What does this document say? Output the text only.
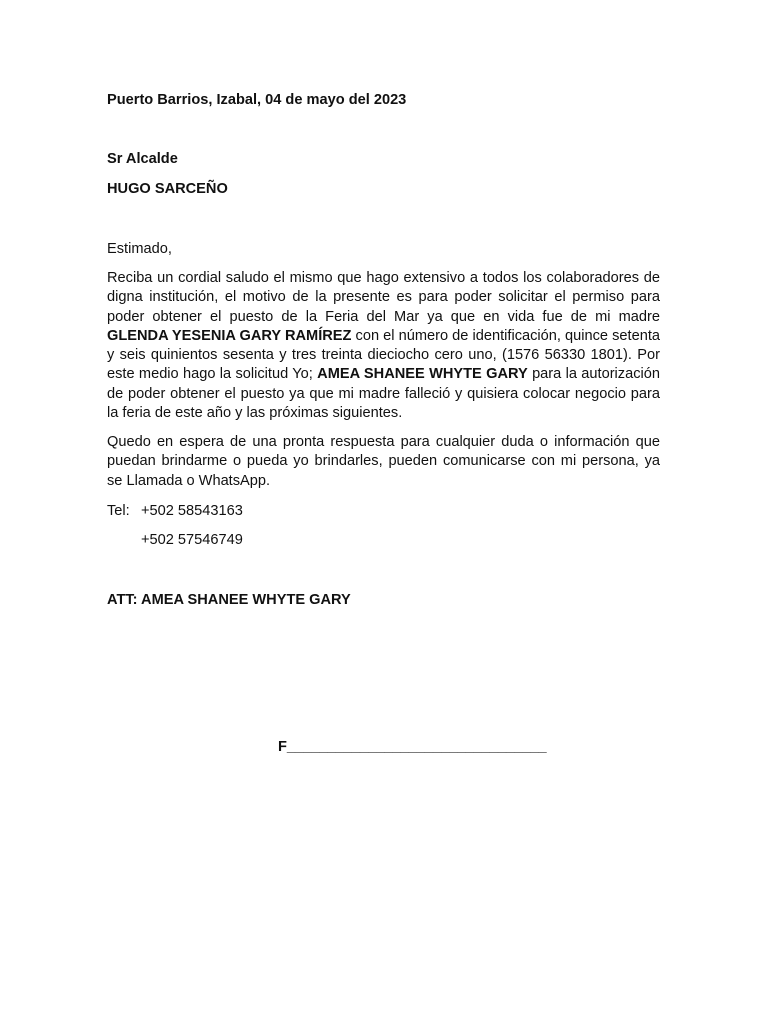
Puerto Barrios, Izabal, 04 de mayo del 2023
Sr Alcalde
HUGO SARCEÑO
Estimado,

Reciba un cordial saludo el mismo que hago extensivo a todos los colaboradores de digna institución, el motivo de la presente es para poder solicitar el permiso para poder obtener el puesto de la Feria del Mar ya que en vida fue de mi madre GLENDA YESENIA GARY RAMÍREZ con el número de identificación, quince setenta y seis quinientos sesenta y tres treinta dieciocho cero uno, (1576 56330 1801). Por este medio hago la solicitud Yo; AMEA SHANEE WHYTE GARY para la autorización de poder obtener el puesto ya que mi madre falleció y quisiera colocar negocio para la feria de este año y las próximas siguientes.

Quedo en espera de una pronta respuesta para cualquier duda o información que puedan brindarme o pueda yo brindarles, pueden comunicarse con mi persona, ya se Llamada o WhatsApp.

Tel: +502 58543163
+502 57546749
ATT: AMEA SHANEE WHYTE GARY
F________________________________
